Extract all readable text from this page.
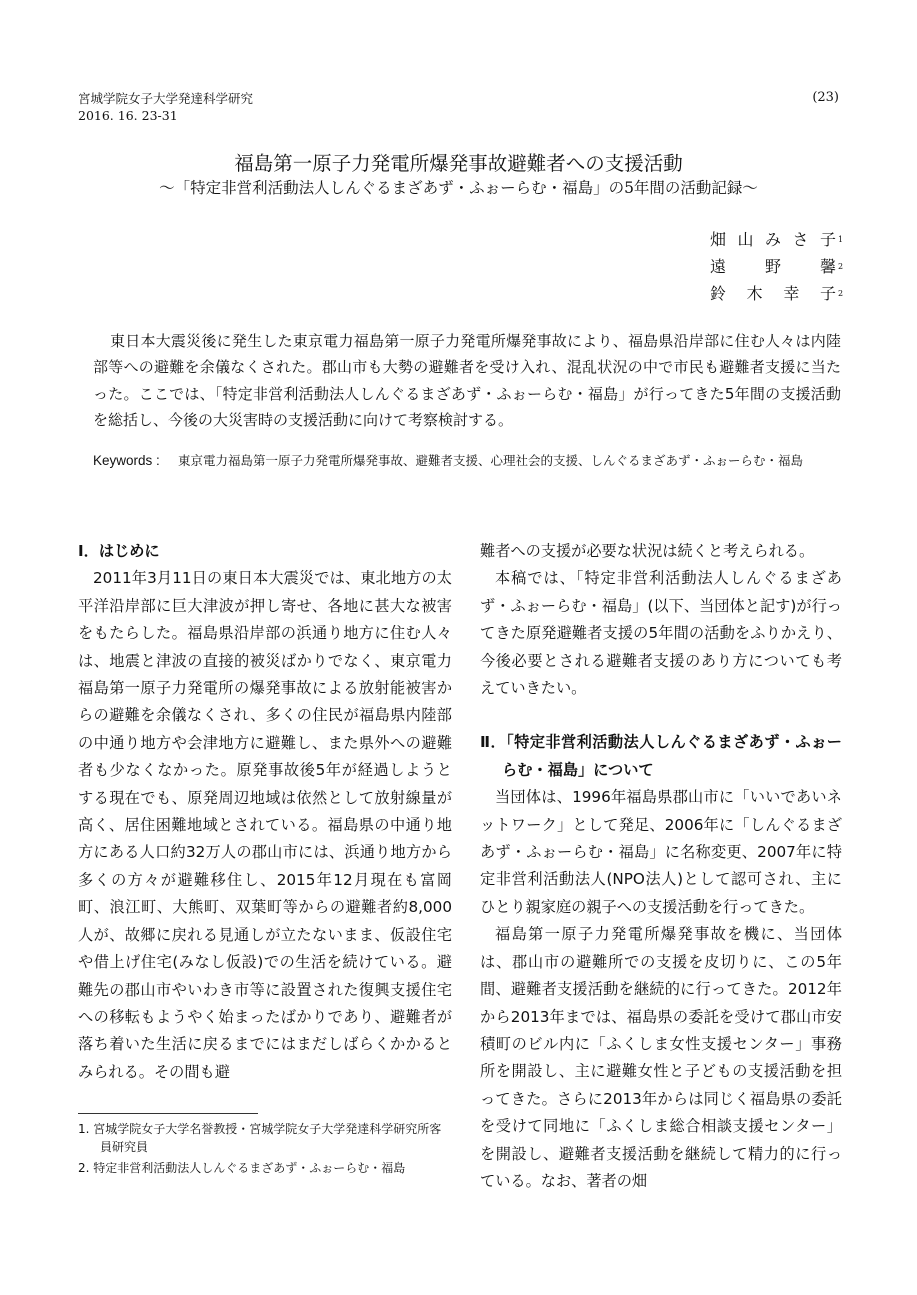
宮城学院女子大学発達科学研究
2016. 16. 23-31
(23)
福島第一原子力発電所爆発事故避難者への支援活動
〜「特定非営利活動法人しんぐるまざあず・ふぉーらむ・福島」の5年間の活動記録〜
畑山みさ子 1
遠野馨 2
鈴木幸子 2
東日本大震災後に発生した東京電力福島第一原子力発電所爆発事故により、福島県沿岸部に住む人々は内陸部等への避難を余儀なくされた。郡山市も大勢の避難者を受け入れ、混乱状況の中で市民も避難者支援に当たった。ここでは、「特定非営利活動法人しんぐるまざあず・ふぉーらむ・福島」が行ってきた5年間の支援活動を総括し、今後の大災害時の支援活動に向けて考察検討する。
Keywords : 東京電力福島第一原子力発電所爆発事故、避難者支援、心理社会的支援、しんぐるまざあず・ふぉーらむ・福島

Ⅰ．はじめに

2011年3月11日の東日本大震災では、東北地方の太平洋沿岸部に巨大津波が押し寄せ、各地に甚大な被害をもたらした。福島県沿岸部の浜通り地方に住む人々は、地震と津波の直接的被災ばかりでなく、東京電力福島第一原子力発電所の爆発事故による放射能被害からの避難を余儀なくされ、多くの住民が福島県内陸部の中通り地方や会津地方に避難し、また県外への避難者も少なくなかった。原発事故後5年が経過しようとする現在でも、原発周辺地域は依然として放射線量が高く、居住困難地域とされている。福島県の中通り地方にある人口約32万人の郡山市には、浜通り地方から多くの方々が避難移住し、2015年12月現在も富岡町、浪江町、大熊町、双葉町等からの避難者約8,000人が、故郷に戻れる見通しが立たないまま、仮設住宅や借上げ住宅(みなし仮設)での生活を続けている。避難先の郡山市やいわき市等に設置された復興支援住宅への移転もようやく始まったばかりであり、避難者が落ち着いた生活に戻るまでにはまだしばらくかかるとみられる。その間も避

難者への支援が必要な状況は続くと考えられる。

本稿では、「特定非営利活動法人しんぐるまざあず・ふぉーらむ・福島」(以下、当団体と記す)が行ってきた原発避難者支援の5年間の活動をふりかえり、今後必要とされる避難者支援のあり方についても考えていきたい。

Ⅱ．「特定非営利活動法人しんぐるまざあず・ふぉーらむ・福島」について

当団体は、1996年福島県郡山市に「いいであいネットワーク」として発足、2006年に「しんぐるまざあず・ふぉーらむ・福島」に名称変更、2007年に特定非営利活動法人(NPO法人)として認可され、主にひとり親家庭の親子への支援活動を行ってきた。

福島第一原子力発電所爆発事故を機に、当団体は、郡山市の避難所での支援を皮切りに、この5年間、避難者支援活動を継続的に行ってきた。2012年から2013年までは、福島県の委託を受けて郡山市安積町のビル内に「ふくしま女性支援センター」事務所を開設し、主に避難女性と子どもの支援活動を担ってきた。さらに2013年からは同じく福島県の委託を受けて同地に「ふくしま総合相談支援センター」を開設し、避難者支援活動を継続して精力的に行っている。なお、著者の畑

1. 宮城学院女子大学名誉教授・宮城学院女子大学発達科学研究所客員研究員
2. 特定非営利活動法人しんぐるまざあず・ふぉーらむ・福島
